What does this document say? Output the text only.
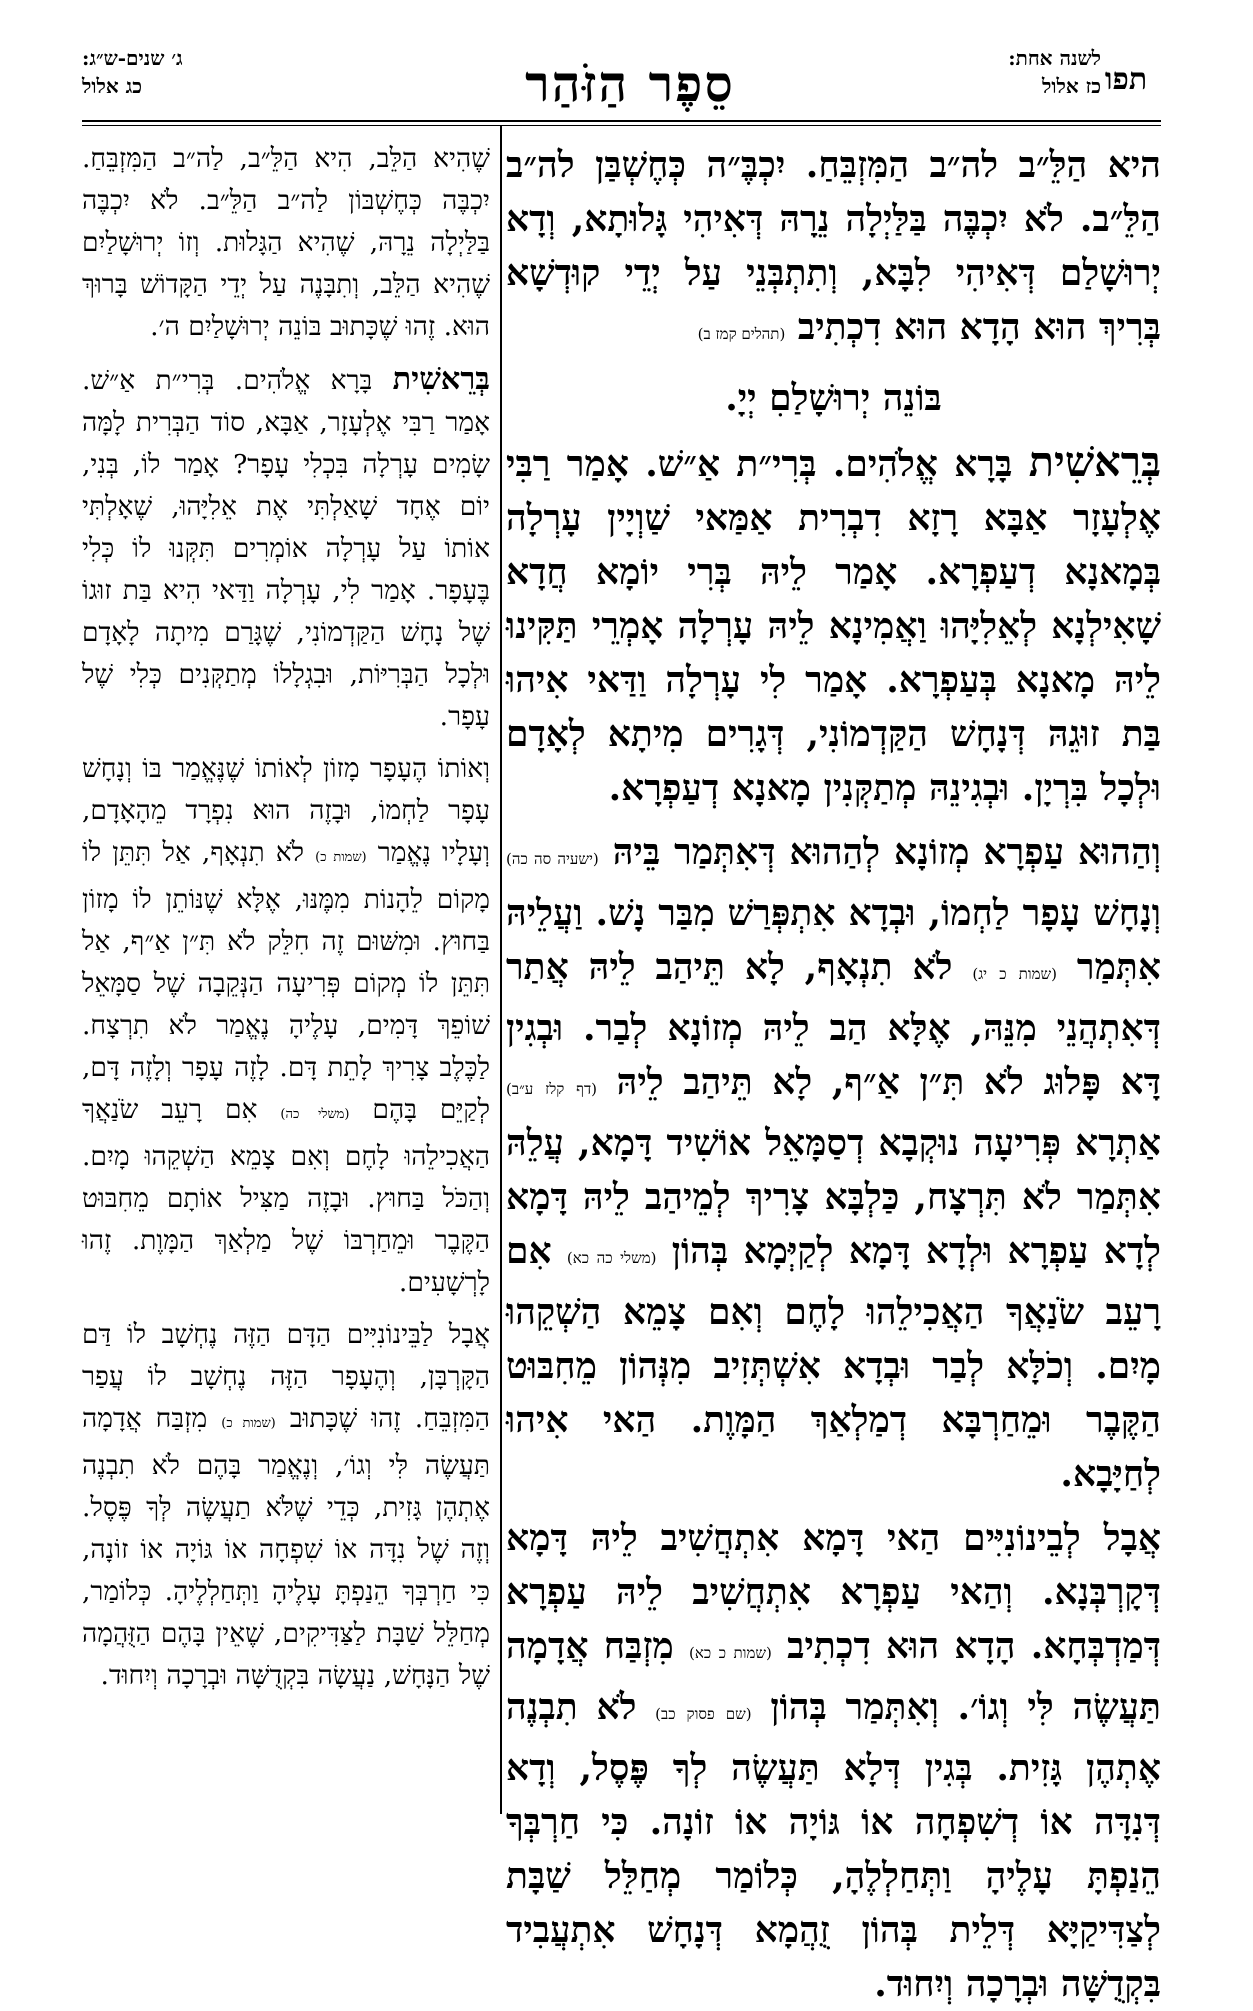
תפו
לשנה אחת:
כז אלול
סֵפֶר הַזֹּהַר
ג׳ שנים-ש״ג:
כג אלול

היא הַלֵּ״ב לה״ב הַמִּזְבֵּחַ. יִכְבֶּ״ה כְּחֶשְׁבַּן לה״ב הַלֵּ״ב. לֹא יִכְבֶּה בַּלַּיְלָה נֵרָהּ דְּאִיהִי גָּלוּתָא, וְדָא יְרוּשָׁלַם דְּאִיהִי לִבָּא, וְתִתְבְּנֵי עַל יְדֵי קוּדְשָׁא בְּרִיךְ הוּא הָדָא הוּא דִכְתִיב (תהלים קמז ב)

בּוֹנֵה יְרוּשָׁלַםִ יְיָ.

בְּרֵאשִׁית בָּרָא אֱלֹהִים. בְּרִי״ת אַ״שׁ. אָמַר רַבִּי אֶלְעָזָר אַבָּא רָזָא דִבְרִית אַמַּאי שַׁוְיָין עָרְלָה בְּמָאנָא דְעַפְרָא. אָמַר לֵיהּ בְּרִי יוֹמָא חֲדָא שָׁאִילְנָא לְאֵלִיָּהוּ וַאֲמִינָא לֵיהּ עָרְלָה אָמְרֵי תַּקִּינוּ לֵיהּ מָאנָא בְּעַפְרָא. אָמַר לִי עָרְלָה וַדַּאי אִיהוּ בַּת זוּגֵהּ דְּנָחָשׁ הַקַּדְמוֹנִי, דְּגָרִים מִיתָא לְאָדָם וּלְכָל בִּרְיָן. וּבְגִינֵהּ מְתַקְּנִין מָאנָא דְעַפְרָא.

וְהַהוּא עַפְרָא מְזוֹנָא לְהַהוּא דְּאִתְּמַר בֵּיהּ (ישעיה סה כה) וְנָחָשׁ עָפָר לַחְמוֹ, וּבְדָא אִתְפְּרַשׁ מִבַּר נָשׁ. וַעֲלֵיהּ אִתְּמַר (שמות כ יג) לֹא תִנְאָף, לָא תֵּיהַב לֵיהּ אֲתַר דְּאִתְהֲנֵי מִנֵּהּ, אֶלָּא הַב לֵיהּ מְזוֹנָא לְבַר. וּבְגִין דָּא פָּלוּג לֹא תִּ״ן אַ״ף, לָא תֵּיהַב לֵיהּ (דף קלז ע״ב) אַתְרָא פְּרִיעָה נוּקְבָא דְסַמָּאֵל אוֹשִׁיד דָּמָא, עֲלֵהּ אִתְּמַר לֹא תִּרְצָח, כַּלְבָּא צָרִיךְ לְמֵיהַב לֵיהּ דָּמָא לְדָא עַפְרָא וּלְדָא דָּמָא לְקַיְּמָא בְּהוֹן (משלי כה כא) אִם רָעֵב שֹׂנַאֲךָ הַאֲכִילֵהוּ לָחֶם וְאִם צָמֵא הַשְׁקֵהוּ מָיִם. וְכֹלָּא לְבַר וּבְדָא אִשְׁתְּזִיב מִנְּהוֹן מֵחִבּוּט הַקֶּבֶר וּמֵחַרְבָּא דְמַלְאַךְ הַמָּוֶת. הַאי אִיהוּ לְחַיָּבָא.

אֲבָל לְבֵינוֹנִיִּים הַאי דָּמָא אִתְחֲשִׁיב לֵיהּ דָּמָא דְּקָרְבְּנָא. וְהַאי עַפְרָא אִתְחֲשִׁיב לֵיהּ עַפְרָא דְּמַדְבְּחָא. הָדָא הוּא דִכְתִיב (שמות כ כא) מִזְבַּח אֲדָמָה תַּעֲשֶׂה לִּי וְגוֹ׳. וְאִתְּמַר בְּהוֹן (שם פסוק כב) לֹא תִבְנֶה אֶתְהֶן גָּזִית. בְּגִין דְּלָא תַּעֲשֶׂה לְךָ פֶּסֶל, וְדָא דְּנִדָּה אוֹ דְשִׁפְחָה אוֹ גּוֹיָה אוֹ זוֹנָה. כִּי חַרְבְּךָ הֵנַפְתָּ עָלֶיהָ וַתְּחַלְלֶהָ, כְּלוֹמַר מְחַלֵּל שַׁבָּת לְצַדִּיקַיָּא דְּלֵית בְּהוֹן זֻהֲמָא דְּנָחָשׁ אִתְעֲבִיד בִּקְדֻשָּׁה וּבְרָכָה וְיִחוּד.

שֶׁהִיא הַלֵּב, הִיא הַלֵּ״ב, לַה״ב הַמִּזְבֵּחַ. יִכְבֶּה כְּחֶשְׁבּוֹן לַה״ב הַלֵּ״ב. לֹא יִכְבֶּה בַּלַּיְלָה נֵרָהּ, שֶׁהִיא הַגָּלוּת. וְזוֹ יְרוּשָׁלַיִם שֶׁהִיא הַלֵּב, וְתִבָּנֶה עַל יְדֵי הַקָּדוֹשׁ בָּרוּךְ הוּא. זֶהוּ שֶׁכָּתוּב בּוֹנֵה יְרוּשָׁלַיִם ה׳.

בְּרֵאשִׁית בָּרָא אֱלֹהִים. בְּרִי״ת אַ״שׁ. אָמַר רַבִּי אֶלְעָזָר, אַבָּא, סוֹד הַבְּרִית לָמָּה שָׂמִים עָרְלָה בִּכְלִי עָפָר? אָמַר לוֹ, בְּנִי, יוֹם אֶחָד שָׁאַלְתִּי אֶת אֵלִיָּהוּ, שֶׁאָלְתִּי אוֹתוֹ עַל עָרְלָה אוֹמְרִים תִּקְּנוּ לוֹ כְּלִי בֶּעָפָר. אָמַר לִי, עָרְלָה וַדַּאי הִיא בַּת זוּגוֹ שֶׁל נָחָשׁ הַקַּדְמוֹנִי, שֶׁגָּרַם מִיתָה לָאָדָם וּלְכָל הַבְּרִיּוֹת, וּבִגְלָלוֹ מְתַקְּנִים כְּלִי שֶׁל עָפָר.

וְאוֹתוֹ הֶעָפָר מָזוֹן לְאוֹתוֹ שֶׁנֶּאֱמַר בּוֹ וְנָחָשׁ עָפָר לַחְמוֹ, וּבָזֶה הוּא נִפְרָד מֵהָאָדָם, וְעָלָיו נֶאֱמַר (שמות כ) לֹא תִנְאָף, אַל תִּתֵּן לוֹ מָקוֹם לֵהָנוֹת מִמֶּנּוּ, אֶלָּא שֶׁנּוֹתֵן לוֹ מָזוֹן בַּחוּץ. וּמִשּׁוּם זֶה חִלֵּק לֹא תִּ״ן אַ״ף, אַל תִּתֵּן לוֹ מְקוֹם פְּרִיעָה הַנְּקֵבָה שֶׁל סַמָּאֵל שׁוֹפֵךְ דָּמִים, עָלֶיהָ נֶאֱמַר לֹא תִרְצָח. לַכֶּלֶב צָרִיךְ לָתֵת דָּם. לָזֶה עָפָר וְלָזֶה דָּם, לְקַיֵּם בָּהֶם (משלי כה) אִם רָעֵב שֹׂנַאֲךָ הַאֲכִילֵהוּ לָחֶם וְאִם צָמֵא הַשְׁקֵהוּ מָיִם. וְהַכֹּל בַּחוּץ. וּבָזֶה מַצִּיל אוֹתָם מֵחִבּוּט הַקֶּבֶר וּמֵחַרְבּוֹ שֶׁל מַלְאַךְ הַמָּוֶת. זֶהוּ לָרְשָׁעִים.

אֲבָל לַבֵּינוֹנִיִּים הַדָּם הַזֶּה נֶחְשָׁב לוֹ דַּם הַקָּרְבָּן, וְהֶעָפָר הַזֶּה נֶחְשָׁב לוֹ עֲפַר הַמִּזְבֵּחַ. זֶהוּ שֶׁכָּתוּב (שמות כ) מִזְבַּח אֲדָמָה תַּעֲשֶׂה לִּי וְגוֹ׳, וְנֶאֱמַר בָּהֶם לֹא תִבְנֶה אֶתְהֶן גָּזִית, כְּדֵי שֶׁלֹּא תַעֲשֶׂה לְּךָ פֶּסֶל. וְזֶה שֶׁל נִדָּה אוֹ שִׁפְחָה אוֹ גּוֹיָה אוֹ זוֹנָה, כִּי חַרְבְּךָ הֵנַפְתָּ עָלֶיהָ וַתְּחַלְלֶיהָ. כְּלוֹמַר, מְחַלֵּל שַׁבָּת לַצַּדִּיקִים, שֶׁאֵין בָּהֶם הַזֻּהֲמָה שֶׁל הַנָּחָשׁ, נַעֲשָׂה בִּקְדֻשָּׁה וּבְרָכָה וְיִחוּד.
